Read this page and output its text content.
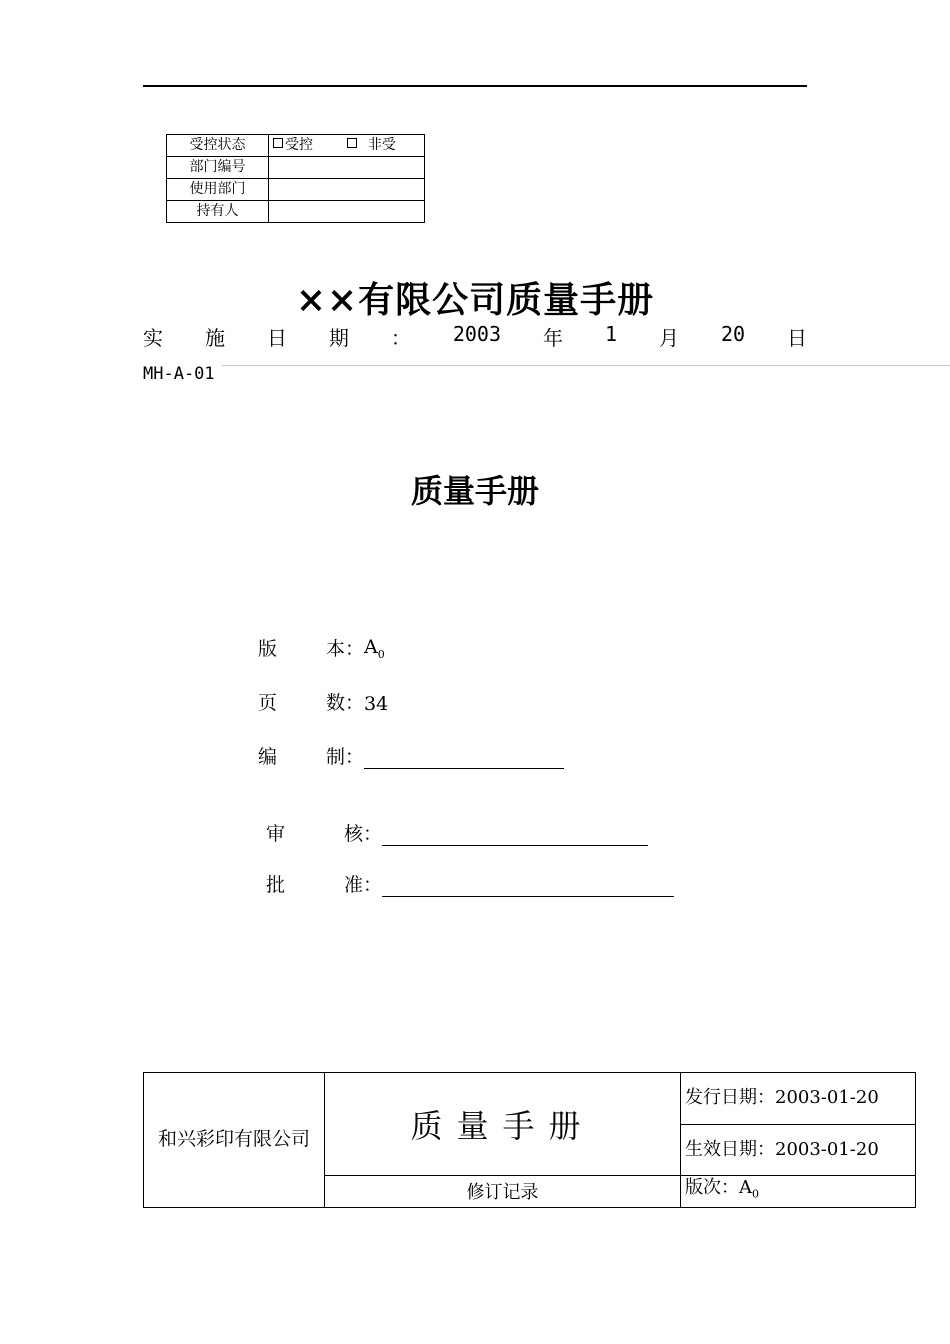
受控状态	受控 非受
部门编号	
使用部门	
持有人	
××有限公司质量手册
实 施 日 期 ： 2003 年 1 月 20 日
MH-A-01
质量手册
版	本： $A_0$
页	数： 34
编	制：
审	核：
批	准：
和兴彩印有限公司	质量手册	发行日期：2003-01-20
		生效日期：2003-01-20
	修订记录	版次：$A_0$
